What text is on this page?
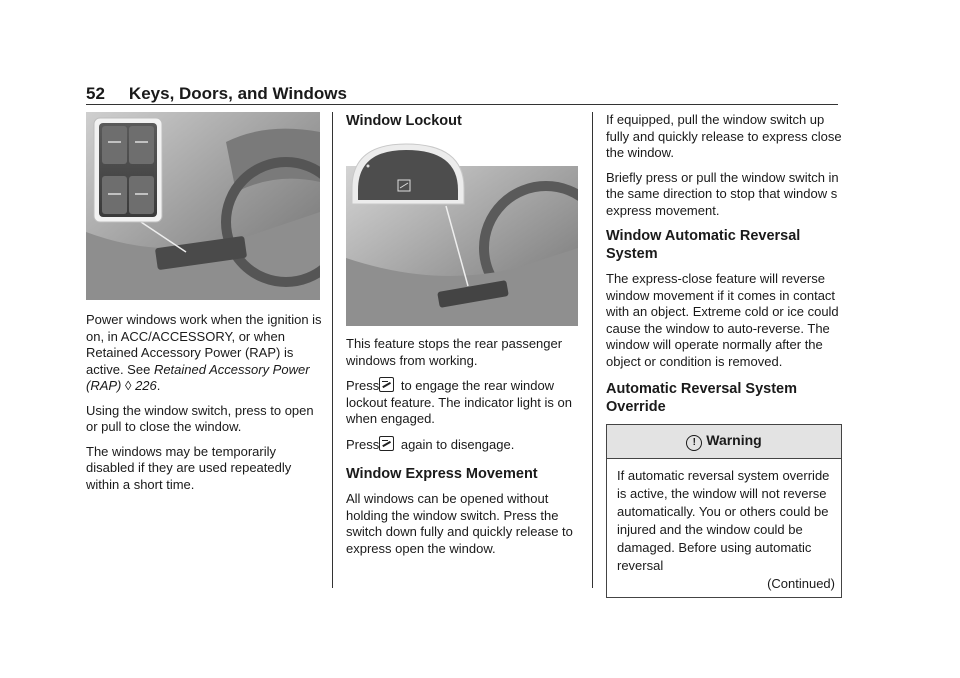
52 Keys, Doors, and Windows

Power windows work when the ignition is on, in ACC/ACCESSORY, or when Retained Accessory Power (RAP) is active. See Retained Accessory Power (RAP) ◊ 226.

Using the window switch, press to open or pull to close the window.

The windows may be temporarily disabled if they are used repeatedly within a short time.

Window Lockout

This feature stops the rear passenger windows from working.

Press to engage the rear window lockout feature. The indicator light is on when engaged.

Press again to disengage.

Window Express Movement

All windows can be opened without holding the window switch. Press the switch down fully and quickly release to express open the window.

If equipped, pull the window switch up fully and quickly release to express close the window.

Briefly press or pull the window switch in the same direction to stop that window s express movement.

Window Automatic Reversal System

The express-close feature will reverse window movement if it comes in contact with an object. Extreme cold or ice could cause the window to auto-reverse. The window will operate normally after the object or condition is removed.

Automatic Reversal System Override
! Warning
If automatic reversal system override is active, the window will not reverse automatically. You or others could be injured and the window could be damaged. Before using automatic reversal
(Continued)
